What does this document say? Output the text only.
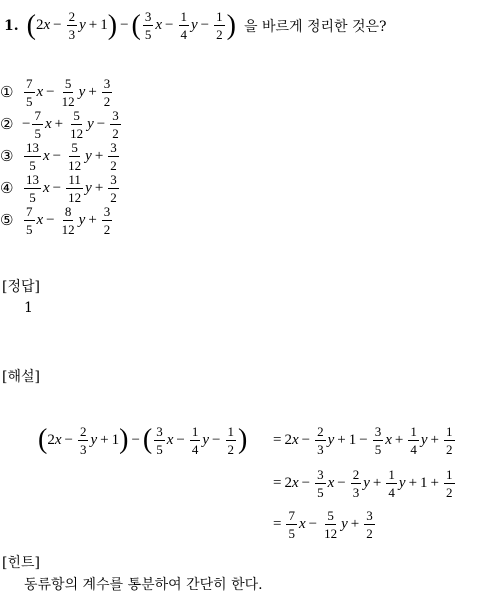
1. ( 2 $x - \frac{2}{3}$ y + 1 ) − ( $\frac{3}{5}$ $x - \frac{1}{4}$ $y - \frac{1}{2}$ ) 을 바르게 정리한 것은?
① $\frac{7}{5}$ $x - \frac{5}{12}$ $y + \frac{3}{2}$
② − $\frac{7}{5}$ $x + \frac{5}{12}$ $y - \frac{3}{2}$
③ $\frac{13}{5}$ $x - \frac{5}{12}$ $y + \frac{3}{2}$
④ $\frac{13}{5}$ $x - \frac{11}{12}$ $y + \frac{3}{2}$
⑤ $\frac{7}{5}$ $x - \frac{8}{12}$ $y + \frac{3}{2}$
[정답]
1
[해설]
( 2 $x - \frac{2}{3}$ y + 1 ) − ( $\frac{3}{5}$ $x - \frac{1}{4}$ $y - \frac{1}{2}$ ) = 2 $x - \frac{2}{3}$ $y + 1 - \frac{3}{5}$ $x + \frac{1}{4}$ $y + \frac{1}{2}$
= 2 $x - \frac{3}{5}$ $x - \frac{2}{3}$ $y + \frac{1}{4}$ $y + 1 + \frac{1}{2}$
= $\frac{7}{5}$ $x - \frac{5}{12}$ $y + \frac{3}{2}$
[힌트]
동류항의 계수를 통분하여 간단히 한다.
